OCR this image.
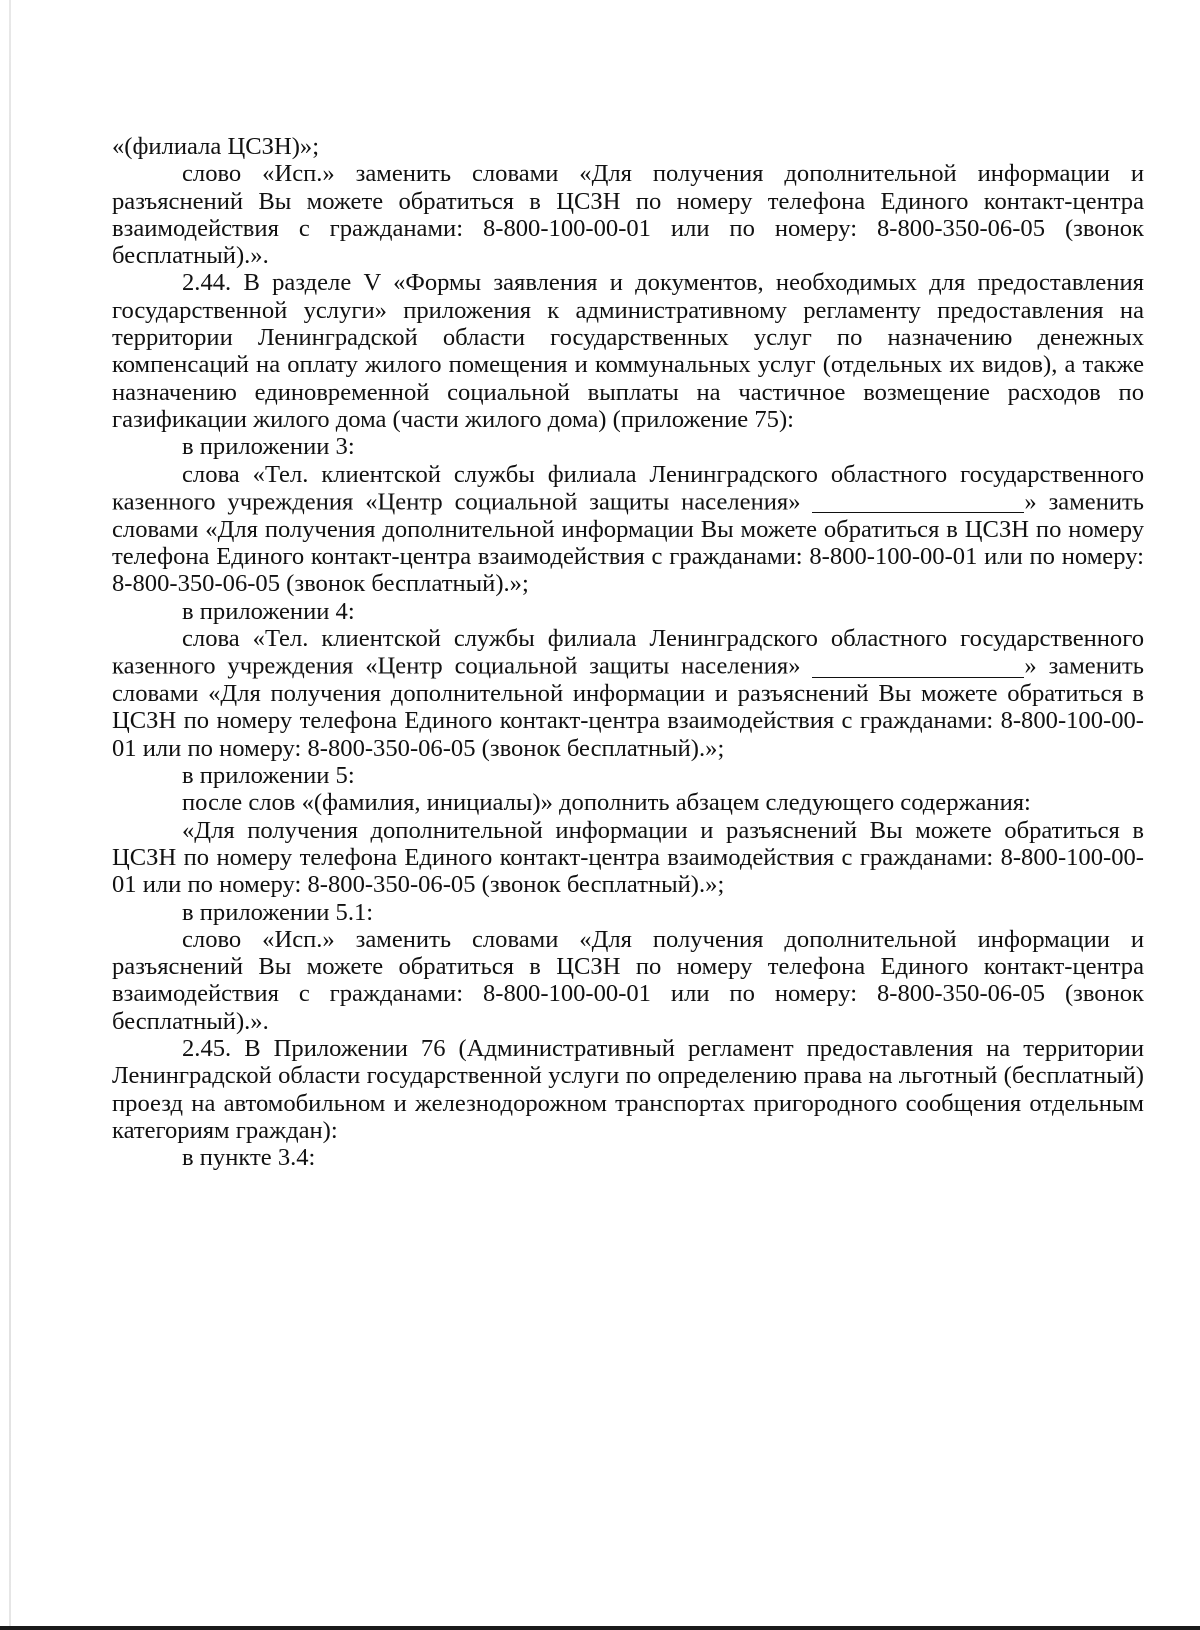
«(филиала ЦСЗН)»;

слово «Исп.» заменить словами «Для получения дополнительной информации и разъяснений Вы можете обратиться в ЦСЗН по номеру телефона Единого контакт-центра взаимодействия с гражданами: 8-800-100-00-01 или по номеру: 8-800-350-06-05 (звонок бесплатный).».

2.44. В разделе V «Формы заявления и документов, необходимых для предоставления государственной услуги» приложения к административному регламенту предоставления на территории Ленинградской области государственных услуг по назначению денежных компенсаций на оплату жилого помещения и коммунальных услуг (отдельных их видов), а также назначению единовременной социальной выплаты на частичное возмещение расходов по газификации жилого дома (части жилого дома) (приложение 75):

в приложении 3:

слова «Тел. клиентской службы филиала Ленинградского областного государственного казенного учреждения «Центр социальной защиты населения»	» заменить словами «Для получения дополнительной информации Вы можете обратиться в ЦСЗН по номеру телефона Единого контакт-центра взаимодействия с гражданами: 8-800-100-00-01 или по номеру: 8-800-350-06-05 (звонок бесплатный).»;

в приложении 4:

слова «Тел. клиентской службы филиала Ленинградского областного государственного казенного учреждения «Центр социальной защиты населения»	» заменить словами «Для получения дополнительной информации и разъяснений Вы можете обратиться в ЦСЗН по номеру телефона Единого контакт-центра взаимодействия с гражданами: 8-800-100-00-01 или по номеру: 8-800-350-06-05 (звонок бесплатный).»;

в приложении 5:

после слов «(фамилия, инициалы)» дополнить абзацем следующего содержания:

«Для получения дополнительной информации и разъяснений Вы можете обратиться в ЦСЗН по номеру телефона Единого контакт-центра взаимодействия с гражданами: 8-800-100-00-01 или по номеру: 8-800-350-06-05 (звонок бесплатный).»;

в приложении 5.1:

слово «Исп.» заменить словами «Для получения дополнительной информации и разъяснений Вы можете обратиться в ЦСЗН по номеру телефона Единого контакт-центра взаимодействия с гражданами: 8-800-100-00-01 или по номеру: 8-800-350-06-05 (звонок бесплатный).».

2.45. В Приложении 76 (Административный регламент предоставления на территории Ленинградской области государственной услуги по определению права на льготный (бесплатный) проезд на автомобильном и железнодорожном транспортах пригородного сообщения отдельным категориям граждан):

в пункте 3.4:
